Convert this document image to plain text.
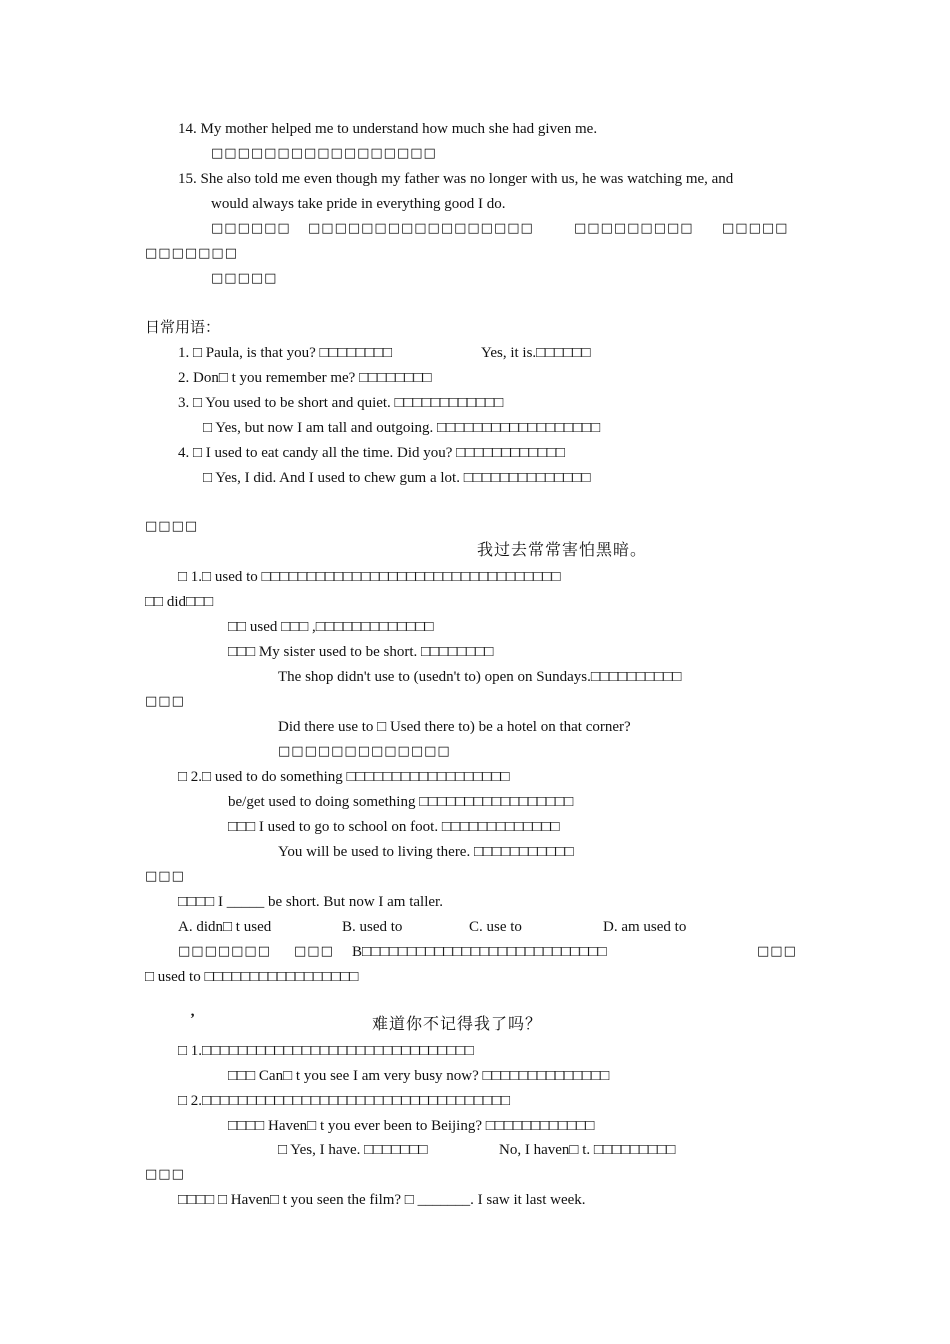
14. My mother helped me to understand how much she had given me.
□□□□□□□□□□□□□□□□□
15. She also told me even though my father was no longer with us, he was watching me, and
would always take pride in everything good I do.
□□□□□□ □□□□□□□□□□□□□□□□□	□□□□□□□□□ □□□□□
□□□□□□□
□□□□□
日常用语：
1. □ Paula, is that you? □□□□□□□□	Yes, it is.□□□□□□
2. Don□ t you remember me? □□□□□□□□
3. □ You used to be short and quiet. □□□□□□□□□□□□
□ Yes, but now I am tall and outgoing. □□□□□□□□□□□□□□□□□□
4. □ I used to eat candy all the time. Did you? □□□□□□□□□□□□
□ Yes, I did. And I used to chew gum a lot. □□□□□□□□□□□□□□
□□□□
我过去常常害怕黑暗。
□ 1.□ used to □□□□□□□□□□□□□□□□□□□□□□□□□□□□□□□□□
□□ did□□□
□□ used □□□ ,□□□□□□□□□□□□□
□□□ My sister used to be short. □□□□□□□□
The shop didn't use to (usedn't to) open on Sundays.□□□□□□□□□□
□□□
Did there use to □ Used there to) be a hotel on that corner?
□□□□□□□□□□□□□
□ 2.□ used to do something □□□□□□□□□□□□□□□□□□
be/get used to doing something □□□□□□□□□□□□□□□□□
□□□ I used to go to school on foot. □□□□□□□□□□□□□
You will be used to living there. □□□□□□□□□□□
□□□
□□□□ I _____ be short. But now I am taller.
A. didn□ t used	B. used to	C. use to	D. am used to
□□□□□□□ □□□ B□□□□□□□□□□□□□□□□□□□□□□□□□□□	□□□
□ used to □□□□□□□□□□□□□□□□□
’	难道你不记得我了吗？
□ 1.□□□□□□□□□□□□□□□□□□□□□□□□□□□□□□
□□□ Can□ t you see I am very busy now? □□□□□□□□□□□□□□
□ 2.□□□□□□□□□□□□□□□□□□□□□□□□□□□□□□□□□□
□□□□ Haven□ t you ever been to Beijing? □□□□□□□□□□□□
□ Yes, I have. □□□□□□□	No, I haven□ t. □□□□□□□□□
□□□
□□□□ □ Haven□ t you seen the film? □ _______. I saw it last week.
